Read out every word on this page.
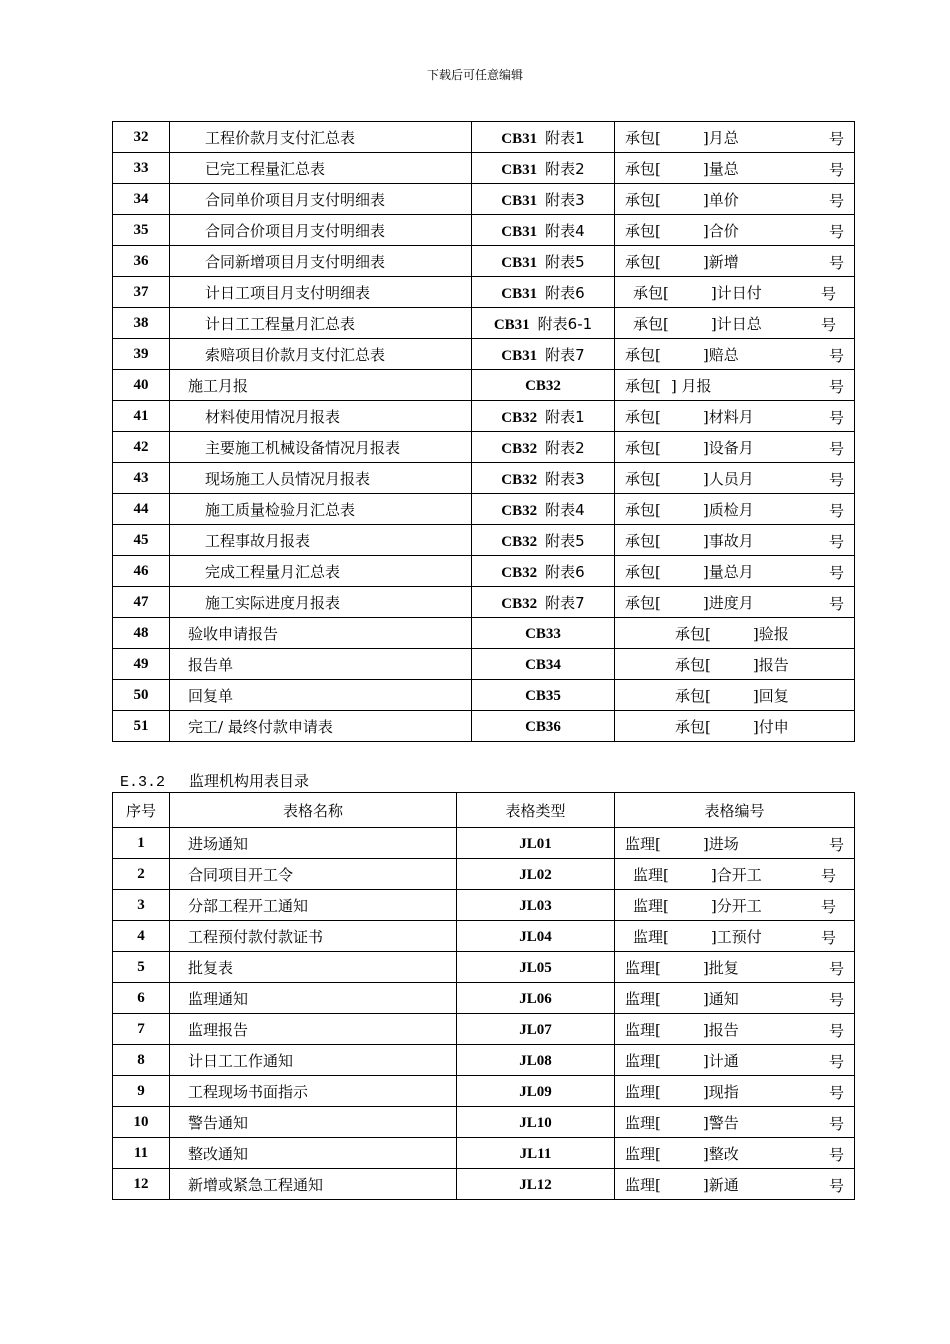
下载后可任意编辑
32	工程价款月支付汇总表	CB31 附表1	承包[ ]月总 号

33	已完工程量汇总表	CB31 附表2	承包[ ]量总 号

34	合同单价项目月支付明细表	CB31 附表3	承包[ ]单价 号

35	合同合价项目月支付明细表	CB31 附表4	承包[ ]合价 号

36	合同新增项目月支付明细表	CB31 附表5	承包[ ]新增 号

37	计日工项目月支付明细表	CB31 附表6	承包[ ]计日付 号

38	计日工工程量月汇总表	CB31 附表6-1	承包[ ]计日总 号

39	索赔项目价款月支付汇总表	CB31 附表7	承包[ ]赔总 号

40	施工月报	CB32	承包[ ] 月报 号

41	材料使用情况月报表	CB32 附表1	承包[ ]材料月 号

42	主要施工机械设备情况月报表	CB32 附表2	承包[ ]设备月 号

43	现场施工人员情况月报表	CB32 附表3	承包[ ]人员月 号

44	施工质量检验月汇总表	CB32 附表4	承包[ ]质检月 号

45	工程事故月报表	CB32 附表5	承包[ ]事故月 号

46	完成工程量月汇总表	CB32 附表6	承包[ ]量总月 号

47	施工实际进度月报表	CB32 附表7	承包[ ]进度月 号

48	验收申请报告	CB33	承包[ ]验报

49	报告单	CB34	承包[ ]报告

50	回复单	CB35	承包[ ]回复

51	完工/ 最终付款申请表	CB36	承包[ ]付申
E.3.2 监理机构用表目录
序号	表格名称	表格类型	表格编号
1	进场通知	JL01	监理[ ]进场 号

2	合同项目开工令	JL02	监理[ ]合开工 号

3	分部工程开工通知	JL03	监理[ ]分开工 号

4	工程预付款付款证书	JL04	监理[ ]工预付 号

5	批复表	JL05	监理[ ]批复 号

6	监理通知	JL06	监理[ ]通知 号

7	监理报告	JL07	监理[ ]报告 号

8	计日工工作通知	JL08	监理[ ]计通 号

9	工程现场书面指示	JL09	监理[ ]现指 号

10	警告通知	JL10	监理[ ]警告 号

11	整改通知	JL11	监理[ ]整改 号

12	新增或紧急工程通知	JL12	监理[ ]新通 号
